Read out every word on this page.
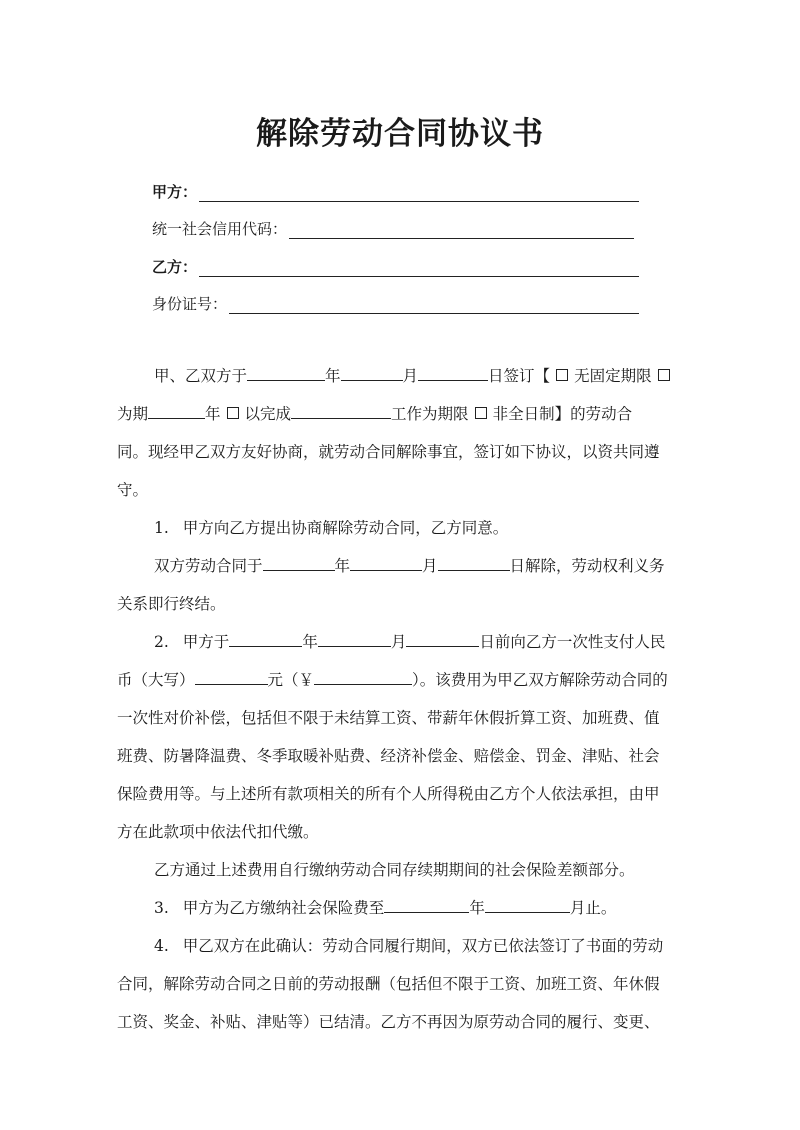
解除劳动合同协议书
甲方：
统一社会信用代码：
乙方：
身份证号：
甲、乙双方于	年	月	日签订【 无固定期限
为期	年 以完成	工作为期限 非全日制】的劳动合
同。现经甲乙双方友好协商，就劳动合同解除事宜，签订如下协议，以资共同遵
守。
1. 甲方向乙方提出协商解除劳动合同，乙方同意。
双方劳动合同于	年	月	日解除，劳动权利义务
关系即行终结。
2. 甲方于	年	月	日前向乙方一次性支付人民
币（大写）	元（￥	）。该费用为甲乙双方解除劳动合同的
一次性对价补偿，包括但不限于未结算工资、带薪年休假折算工资、加班费、值
班费、防暑降温费、冬季取暖补贴费、经济补偿金、赔偿金、罚金、津贴、社会
保险费用等。与上述所有款项相关的所有个人所得税由乙方个人依法承担，由甲
方在此款项中依法代扣代缴。
乙方通过上述费用自行缴纳劳动合同存续期期间的社会保险差额部分。
3. 甲方为乙方缴纳社会保险费至	年	月止。
4. 甲乙双方在此确认：劳动合同履行期间，双方已依法签订了书面的劳动
合同，解除劳动合同之日前的劳动报酬（包括但不限于工资、加班工资、年休假
工资、奖金、补贴、津贴等）已结清。乙方不再因为原劳动合同的履行、变更、
